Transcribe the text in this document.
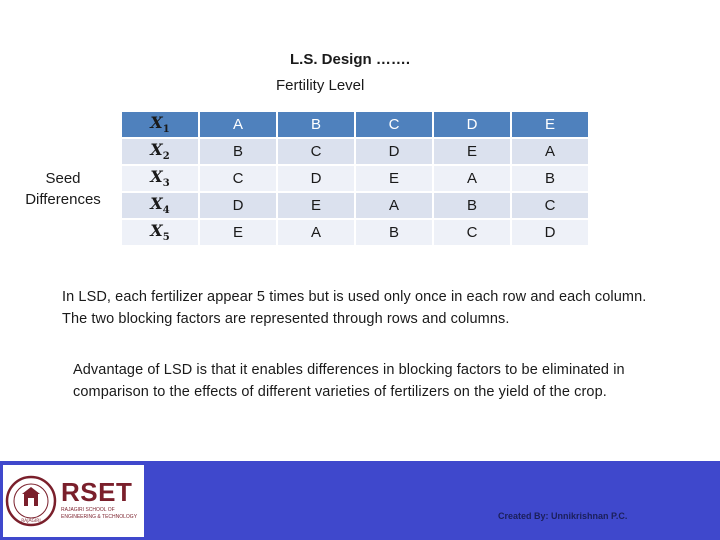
L.S. Design …….
Fertility Level
Seed Differences
$X_1$	A	B	C	D	E
$X_2$	B	C	D	E	A
$X_3$	C	D	E	A	B
$X_4$	D	E	A	B	C
$X_5$	E	A	B	C	D
In LSD, each fertilizer appear 5 times but is used only once in each row and each column. The two blocking factors are represented through rows and columns.
Advantage of LSD is that it enables differences in blocking factors to be eliminated in comparison to the effects of different varieties of fertilizers on the yield of the crop.
RAJAGIRI
RSET
RAJAGIRI SCHOOL OF ENGINEERING & TECHNOLOGY	Created By: Unnikrishnan P.C.
